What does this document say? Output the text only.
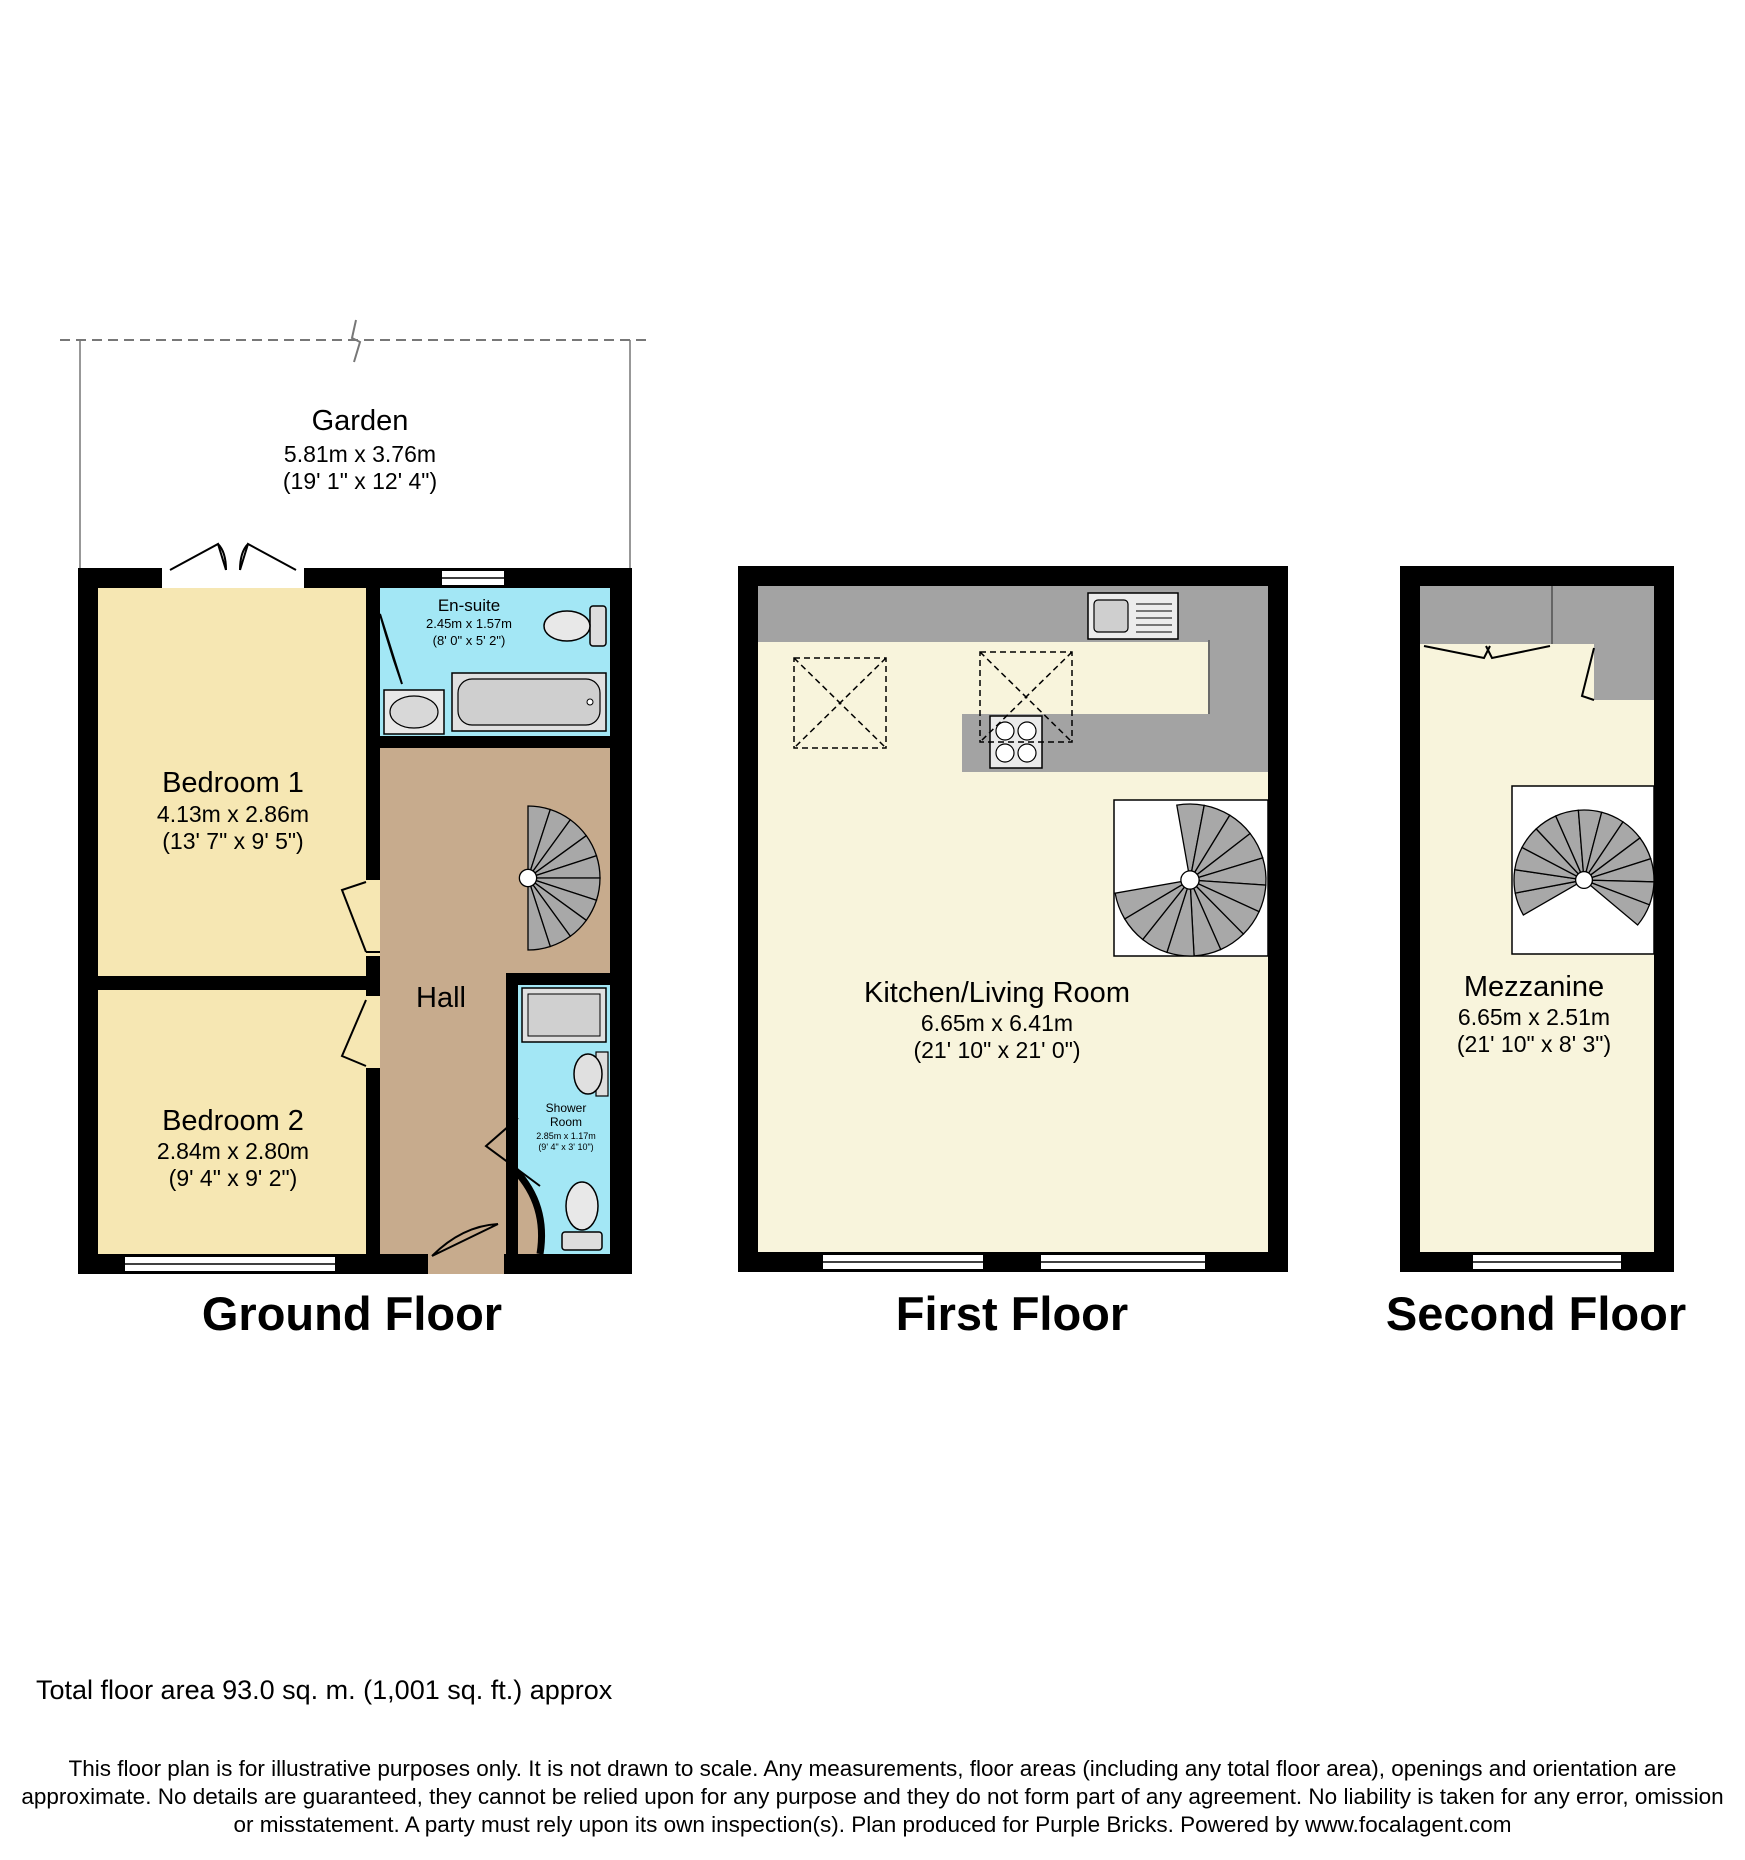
Garden
5.81m x 3.76m
(19' 1" x 12' 4")
En-suite
2.45m x 1.57m
(8' 0" x 5' 2")
Bedroom 1
4.13m x 2.86m
(13' 7" x 9' 5")
Hall
Shower
Room
2.85m x 1.17m
(9' 4" x 3' 10")
Bedroom 2
2.84m x 2.80m
(9' 4" x 9' 2")
Ground Floor
Kitchen/Living Room
6.65m x 6.41m
(21' 10" x 21' 0")
First Floor
Mezzanine
6.65m x 2.51m
(21' 10" x 8' 3")
Second Floor
Total floor area 93.0 sq. m. (1,001 sq. ft.) approx
This floor plan is for illustrative purposes only. It is not drawn to scale. Any measurements, floor areas (including any total floor area), openings and orientation are approximate. No details are guaranteed, they cannot be relied upon for any purpose and they do not form part of any agreement. No liability is taken for any error, omission or misstatement. A party must rely upon its own inspection(s). Plan produced for Purple Bricks. Powered by www.focalagent.com
